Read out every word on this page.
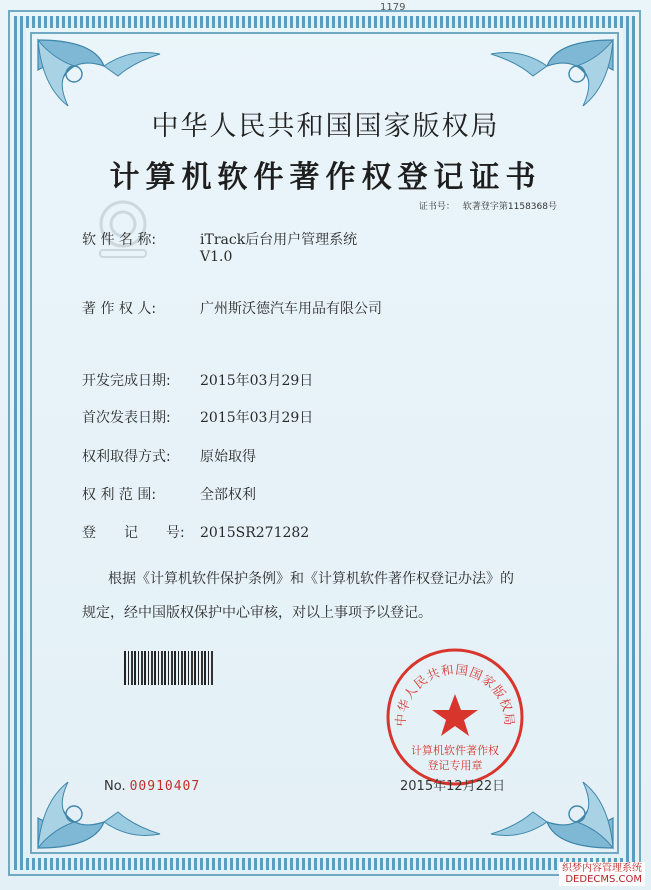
1179
中华人民共和国国家版权局
计算机软件著作权登记证书
证书号： 软著登字第1158368号
软 件 名 称:	iTrack后台用户管理系统
V1.0
著 作 权 人:	广州斯沃德汽车用品有限公司
开发完成日期: 2015年03月29日
首次发表日期: 2015年03月29日
权利取得方式: 原始取得
权 利 范 围:	全部权利
登　　记　　号: 2015SR271282
根据《计算机软件保护条例》和《计算机软件著作权登记办法》的
规定，经中国版权保护中心审核，对以上事项予以登记。
中华人民共和国国家版权局
计算机软件著作权
登记专用章
2015年12月22日
No. 00910407
织梦内容管理系统
DEDECMS.COM
